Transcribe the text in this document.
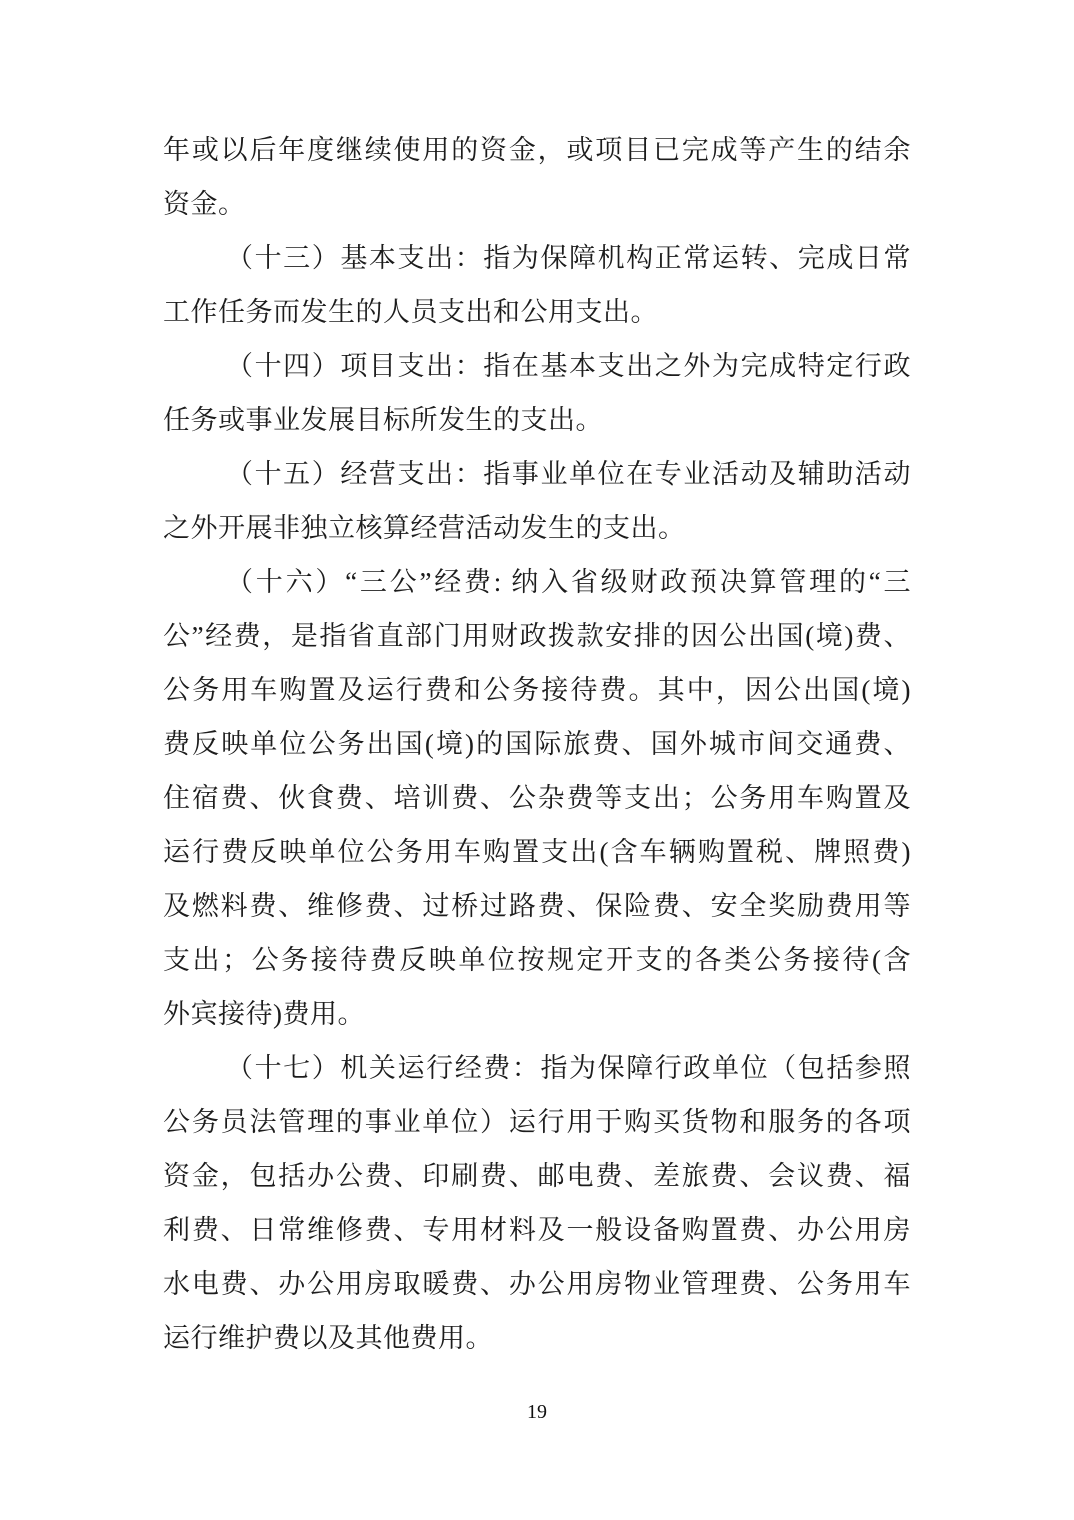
年或以后年度继续使用的资金，或项目已完成等产生的结余
资金。
（十三）基本支出：指为保障机构正常运转、完成日常
工作任务而发生的人员支出和公用支出。
（十四）项目支出：指在基本支出之外为完成特定行政
任务或事业发展目标所发生的支出。
（十五）经营支出：指事业单位在专业活动及辅助活动
之外开展非独立核算经营活动发生的支出。
（十六）“三公”经费: 纳入省级财政预决算管理的“三
公”经费，是指省直部门用财政拨款安排的因公出国(境)费、
公务用车购置及运行费和公务接待费。其中，因公出国(境)
费反映单位公务出国(境)的国际旅费、国外城市间交通费、
住宿费、伙食费、培训费、公杂费等支出；公务用车购置及
运行费反映单位公务用车购置支出(含车辆购置税、牌照费)
及燃料费、维修费、过桥过路费、保险费、安全奖励费用等
支出；公务接待费反映单位按规定开支的各类公务接待(含
外宾接待)费用。
（十七）机关运行经费：指为保障行政单位（包括参照
公务员法管理的事业单位）运行用于购买货物和服务的各项
资金，包括办公费、印刷费、邮电费、差旅费、会议费、福
利费、日常维修费、专用材料及一般设备购置费、办公用房
水电费、办公用房取暖费、办公用房物业管理费、公务用车
运行维护费以及其他费用。
19
